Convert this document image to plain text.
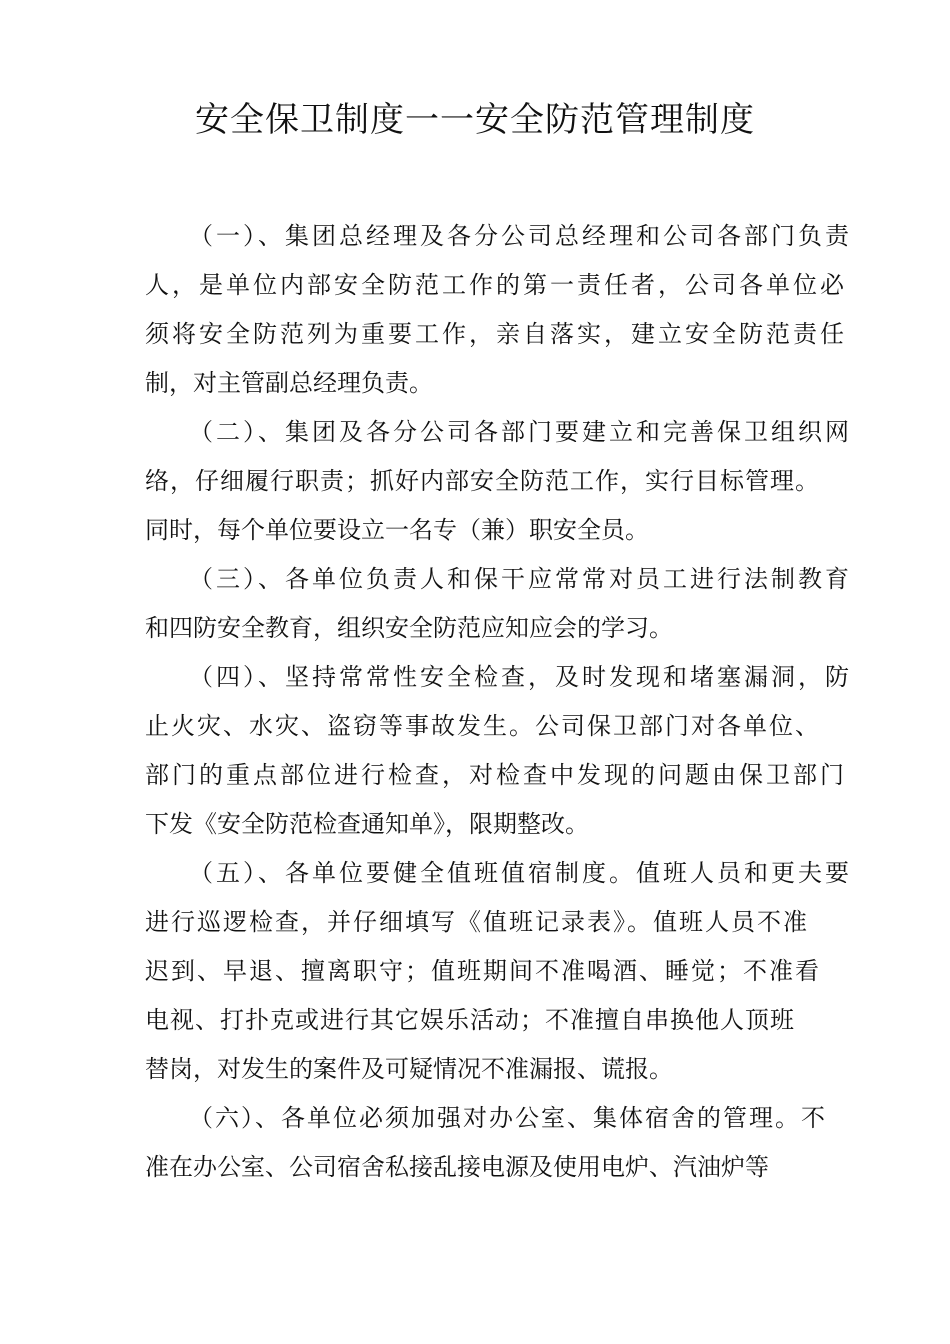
安全保卫制度一一安全防范管理制度
（一）、集团总经理及各分公司总经理和公司各部门负责
人，是单位内部安全防范工作的第一责任者，公司各单位必
须将安全防范列为重要工作，亲自落实，建立安全防范责任
制，对主管副总经理负责。
（二）、集团及各分公司各部门要建立和完善保卫组织网
络，仔细履行职责；抓好内部安全防范工作，实行目标管理。
同时，每个单位要设立一名专（兼）职安全员。
（三）、各单位负责人和保干应常常对员工进行法制教育
和四防安全教育，组织安全防范应知应会的学习。
（四）、坚持常常性安全检查，及时发现和堵塞漏洞，防
止火灾、水灾、盗窃等事故发生。公司保卫部门对各单位、
部门的重点部位进行检查，对检查中发现的问题由保卫部门
下发《安全防范检查通知单》，限期整改。
（五）、各单位要健全值班值宿制度。值班人员和更夫要
进行巡逻检查，并仔细填写《值班记录表》。值班人员不准
迟到、早退、擅离职守；值班期间不准喝酒、睡觉；不准看
电视、打扑克或进行其它娱乐活动；不准擅自串换他人顶班
替岗，对发生的案件及可疑情况不准漏报、谎报。
（六）、各单位必须加强对办公室、集体宿舍的管理。不
准在办公室、公司宿舍私接乱接电源及使用电炉、汽油炉等
